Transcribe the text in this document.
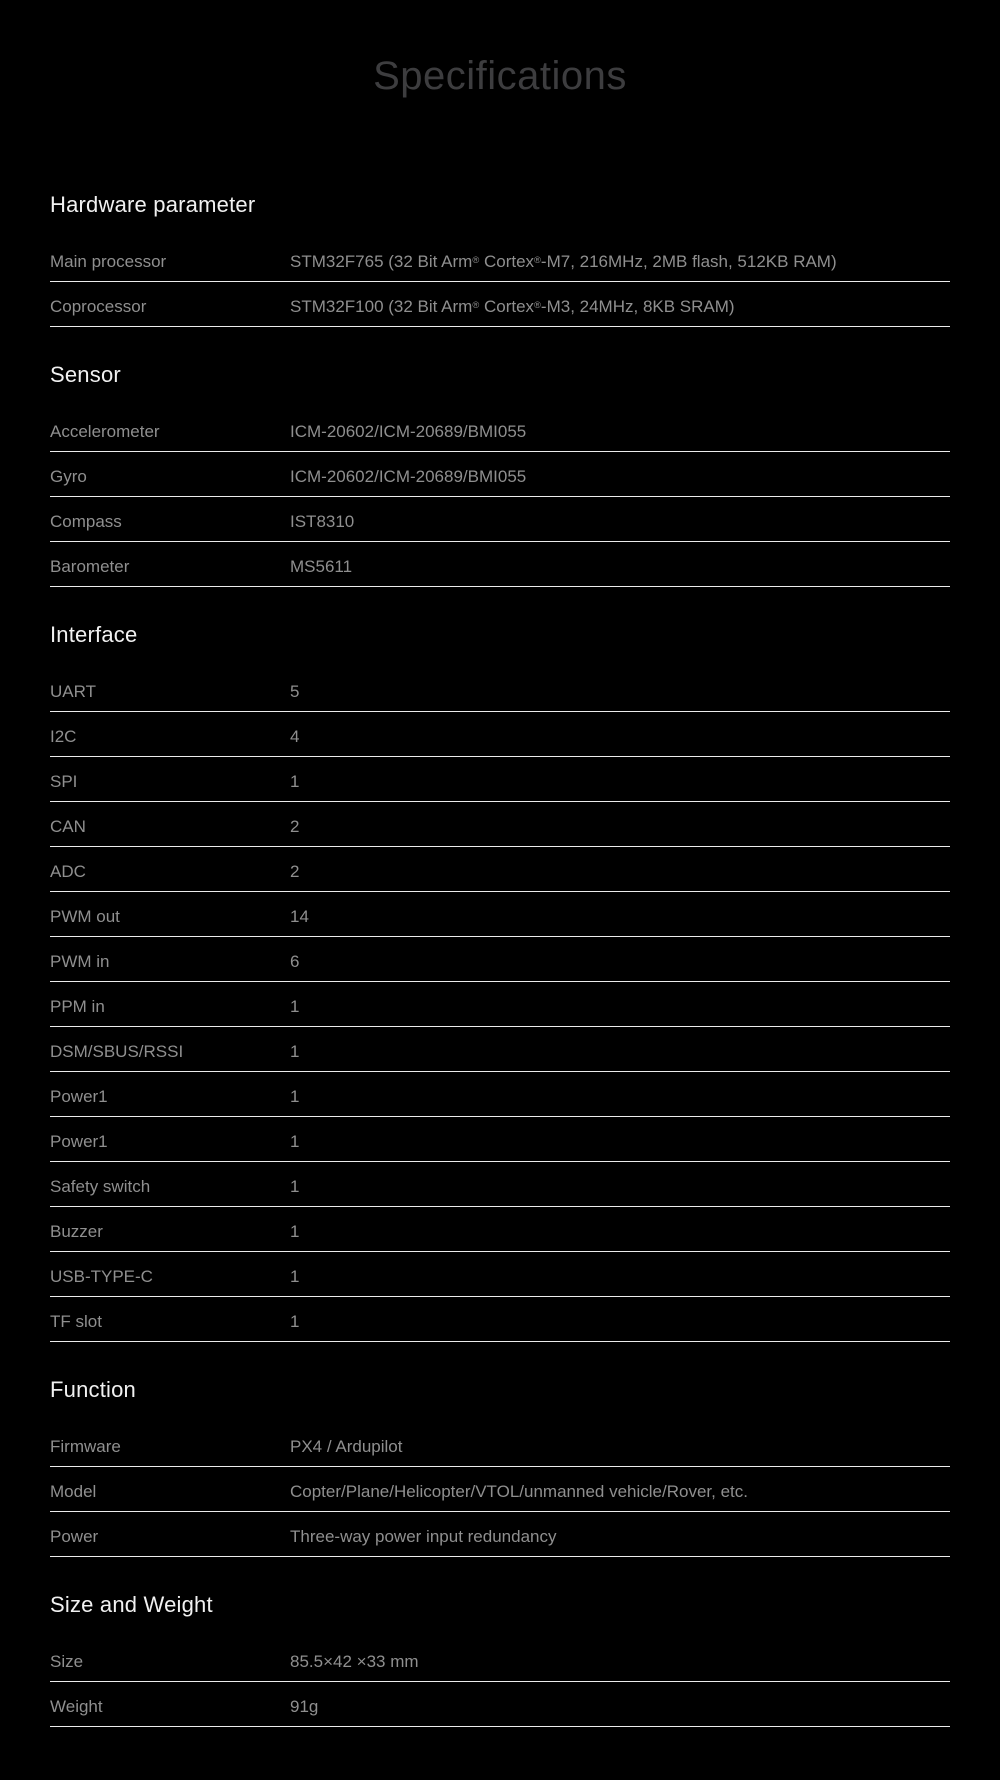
Specifications
Hardware parameter
Main processor	STM32F765 (32 Bit Arm® Cortex®-M7, 216MHz, 2MB flash, 512KB RAM)
Coprocessor	STM32F100 (32 Bit Arm® Cortex®-M3, 24MHz, 8KB SRAM)
Sensor
Accelerometer	ICM-20602/ICM-20689/BMI055
Gyro	ICM-20602/ICM-20689/BMI055
Compass	IST8310
Barometer	MS5611
Interface
UART	5
I2C	4
SPI	1
CAN	2
ADC	2
PWM out	14
PWM in	6
PPM in	1
DSM/SBUS/RSSI	1
Power1	1
Power1	1
Safety switch	1
Buzzer	1
USB-TYPE-C	1
TF slot	1
Function
Firmware	PX4 / Ardupilot
Model	Copter/Plane/Helicopter/VTOL/unmanned vehicle/Rover, etc.
Power	Three-way power input redundancy
Size and Weight
Size	85.5×42 ×33 mm
Weight	91g
